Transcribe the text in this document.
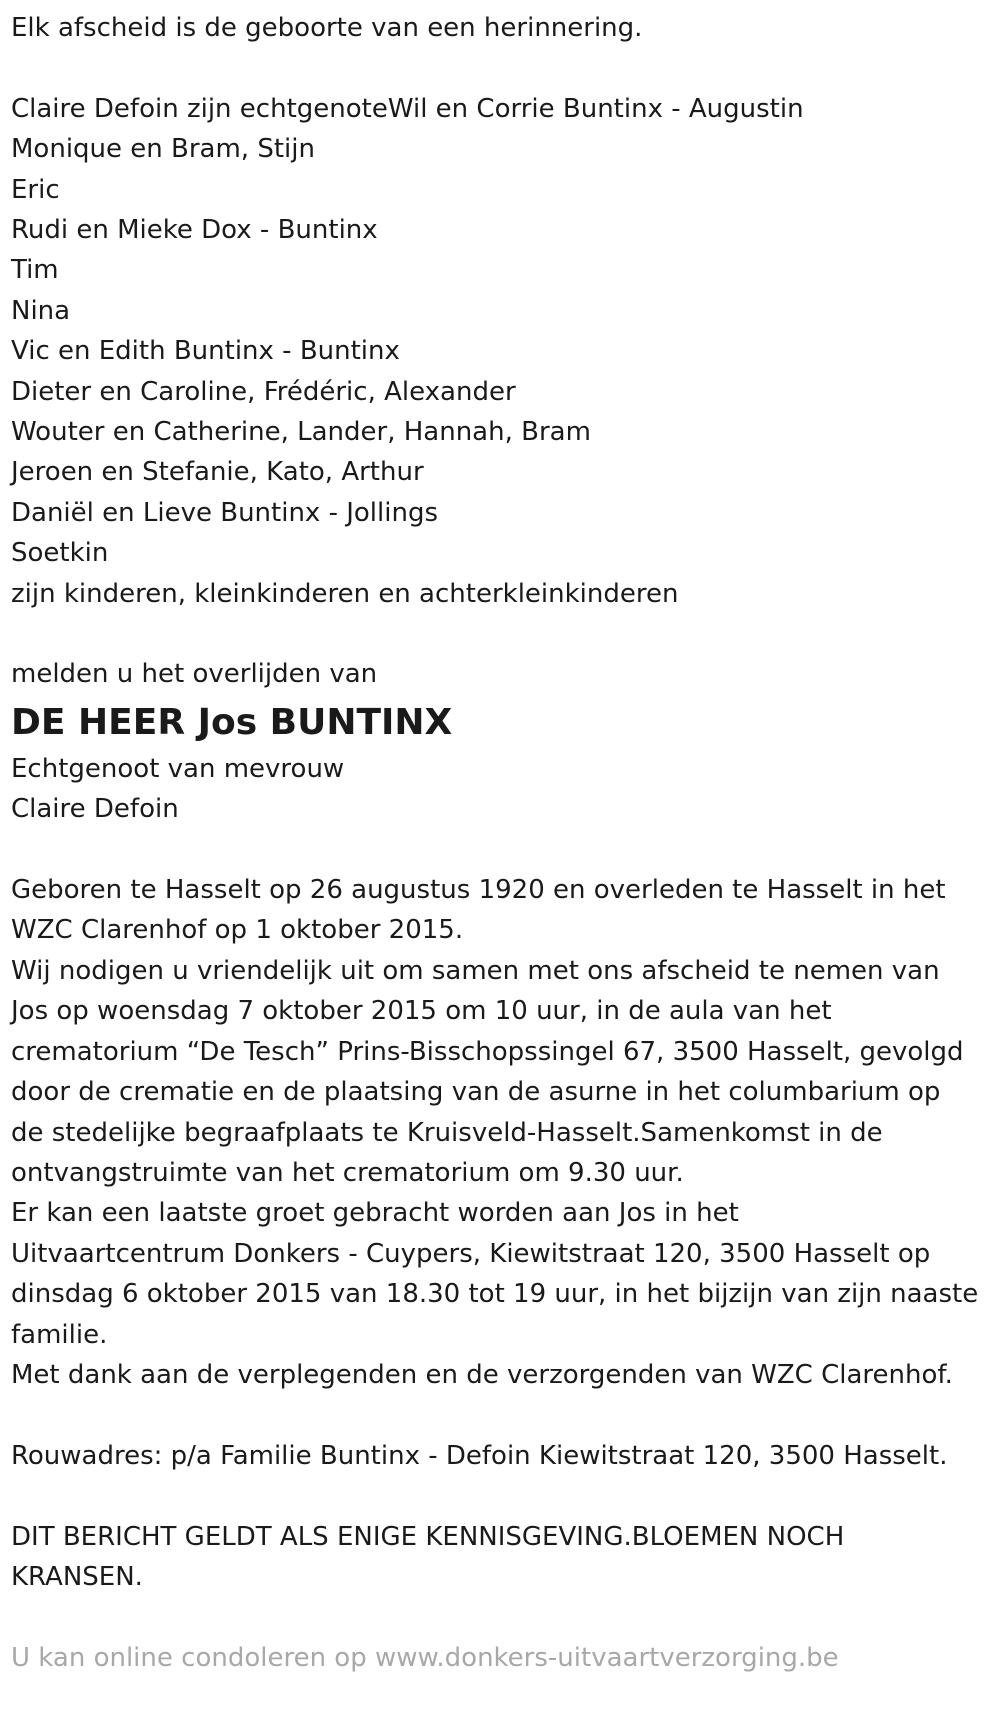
Elk afscheid is de geboorte van een herinnering.

Claire Defoin zijn echtgenoteWil en Corrie Buntinx - Augustin

Monique en Bram, Stijn

Eric

Rudi en Mieke Dox - Buntinx

Tim

Nina

Vic en Edith Buntinx - Buntinx

Dieter en Caroline, Frédéric, Alexander

Wouter en Catherine, Lander, Hannah, Bram

Jeroen en Stefanie, Kato, Arthur

Daniël en Lieve Buntinx - Jollings

Soetkin

zijn kinderen, kleinkinderen en achterkleinkinderen

melden u het overlijden van

DE HEER Jos BUNTINX

Echtgenoot van mevrouw

Claire Defoin

Geboren te Hasselt op 26 augustus 1920 en overleden te Hasselt in het

WZC Clarenhof op 1 oktober 2015.

Wij nodigen u vriendelijk uit om samen met ons afscheid te nemen van

Jos op woensdag 7 oktober 2015 om 10 uur, in de aula van het

crematorium “De Tesch” Prins-Bisschopssingel 67, 3500 Hasselt, gevolgd

door de crematie en de plaatsing van de asurne in het columbarium op

de stedelijke begraafplaats te Kruisveld-Hasselt.Samenkomst in de

ontvangstruimte van het crematorium om 9.30 uur.

Er kan een laatste groet gebracht worden aan Jos in het

Uitvaartcentrum Donkers - Cuypers, Kiewitstraat 120, 3500 Hasselt op

dinsdag 6 oktober 2015 van 18.30 tot 19 uur, in het bijzijn van zijn naaste

familie.

Met dank aan de verplegenden en de verzorgenden van WZC Clarenhof.

Rouwadres: p/a Familie Buntinx - Defoin Kiewitstraat 120, 3500 Hasselt.

DIT BERICHT GELDT ALS ENIGE KENNISGEVING.BLOEMEN NOCH

KRANSEN.

U kan online condoleren op www.donkers-uitvaartverzorging.be
